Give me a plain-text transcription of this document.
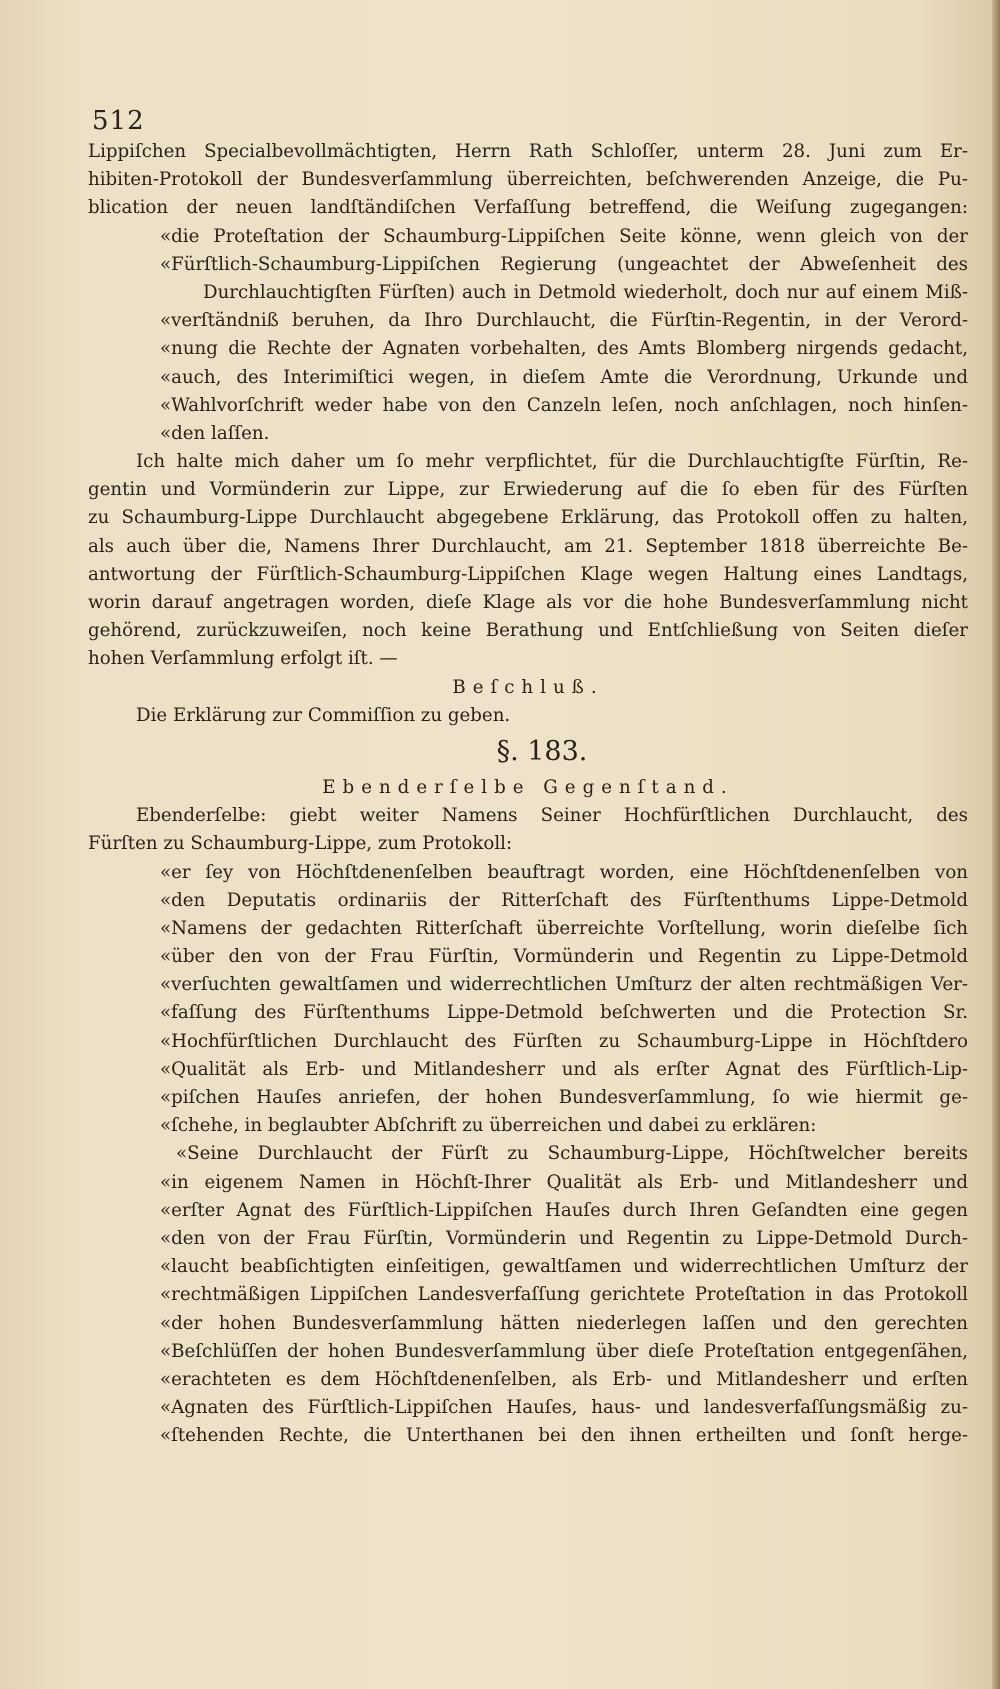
512
Lippiſchen Specialbevollmächtigten, Herrn Rath Schloſſer, unterm 28. Juni zum Er-
hibiten-Protokoll der Bundesverſammlung überreichten, beſchwerenden Anzeige, die Pu-
blication der neuen landſtändiſchen Verfaſſung betreffend, die Weiſung zugegangen:
«die Proteſtation der Schaumburg-Lippiſchen Seite könne, wenn gleich von der
«Fürſtlich-Schaumburg-Lippiſchen Regierung (ungeachtet der Abweſenheit des
Durchlauchtigſten Fürſten) auch in Detmold wiederholt, doch nur auf einem Miß-
«verſtändniß beruhen, da Ihro Durchlaucht, die Fürſtin-Regentin, in der Verord-
«nung die Rechte der Agnaten vorbehalten, des Amts Blomberg nirgends gedacht,
«auch, des Interimiſtici wegen, in dieſem Amte die Verordnung, Urkunde und
«Wahlvorſchrift weder habe von den Canzeln leſen, noch anſchlagen, noch hinſen-
«den laſſen.
Ich halte mich daher um ſo mehr verpflichtet, für die Durchlauchtigſte Fürſtin, Re-
gentin und Vormünderin zur Lippe, zur Erwiederung auf die ſo eben für des Fürſten
zu Schaumburg-Lippe Durchlaucht abgegebene Erklärung, das Protokoll offen zu halten,
als auch über die, Namens Ihrer Durchlaucht, am 21. September 1818 überreichte Be-
antwortung der Fürſtlich-Schaumburg-Lippiſchen Klage wegen Haltung eines Landtags,
worin darauf angetragen worden, dieſe Klage als vor die hohe Bundesverſammlung nicht
gehörend, zurückzuweiſen, noch keine Berathung und Entſchließung von Seiten dieſer
hohen Verſammlung erfolgt iſt. —
Beſchluß.
Die Erklärung zur Commiſſion zu geben.
§. 183.
Ebenderſelbe Gegenſtand.
Ebenderſelbe: giebt weiter Namens Seiner Hochfürſtlichen Durchlaucht, des
Fürſten zu Schaumburg-Lippe, zum Protokoll:
«er ſey von Höchſtdenenſelben beauftragt worden, eine Höchſtdenenſelben von
«den Deputatis ordinariis der Ritterſchaft des Fürſtenthums Lippe-Detmold
«Namens der gedachten Ritterſchaft überreichte Vorſtellung, worin dieſelbe ſich
«über den von der Frau Fürſtin, Vormünderin und Regentin zu Lippe-Detmold
«verſuchten gewaltſamen und widerrechtlichen Umſturz der alten rechtmäßigen Ver-
«faſſung des Fürſtenthums Lippe-Detmold beſchwerten und die Protection Sr.
«Hochfürſtlichen Durchlaucht des Fürſten zu Schaumburg-Lippe in Höchſtdero
«Qualität als Erb- und Mitlandesherr und als erſter Agnat des Fürſtlich-Lip-
«piſchen Hauſes anriefen, der hohen Bundesverſammlung, ſo wie hiermit ge-
«ſchehe, in beglaubter Abſchrift zu überreichen und dabei zu erklären:
«Seine Durchlaucht der Fürſt zu Schaumburg-Lippe, Höchſtwelcher bereits
«in eigenem Namen in Höchſt-Ihrer Qualität als Erb- und Mitlandesherr und
«erſter Agnat des Fürſtlich-Lippiſchen Hauſes durch Ihren Geſandten eine gegen
«den von der Frau Fürſtin, Vormünderin und Regentin zu Lippe-Detmold Durch-
«laucht beabſichtigten einſeitigen, gewaltſamen und widerrechtlichen Umſturz der
«rechtmäßigen Lippiſchen Landesverfaſſung gerichtete Proteſtation in das Protokoll
«der hohen Bundesverſammlung hätten niederlegen laſſen und den gerechten
«Beſchlüſſen der hohen Bundesverſammlung über dieſe Proteſtation entgegenſähen,
«erachteten es dem Höchſtdenenſelben, als Erb- und Mitlandesherr und erſten
«Agnaten des Fürſtlich-Lippiſchen Hauſes, haus- und landesverfaſſungsmäßig zu-
«ſtehenden Rechte, die Unterthanen bei den ihnen ertheilten und ſonſt herge-
